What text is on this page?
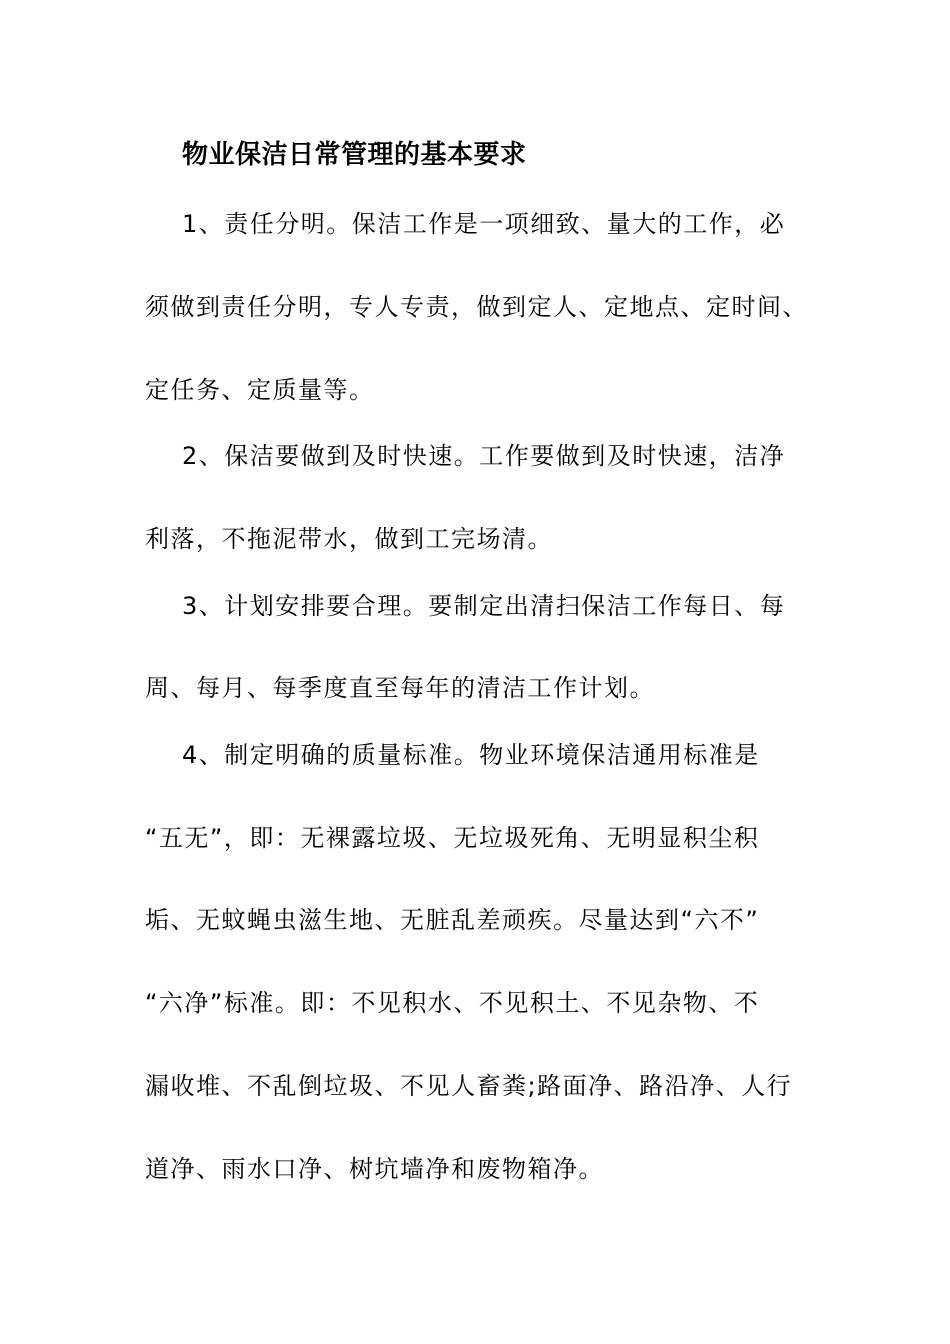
物业保洁日常管理的基本要求
1、责任分明。保洁工作是一项细致、量大的工作，必
须做到责任分明，专人专责，做到定人、定地点、定时间、
定任务、定质量等。
2、保洁要做到及时快速。工作要做到及时快速，洁净
利落，不拖泥带水，做到工完场清。
3、计划安排要合理。要制定出清扫保洁工作每日、每
周、每月、每季度直至每年的清洁工作计划。
4、制定明确的质量标准。物业环境保洁通用标准是
“五无”，即：无裸露垃圾、无垃圾死角、无明显积尘积
垢、无蚊蝇虫滋生地、无脏乱差顽疾。尽量达到“六不”
“六净”标准。即：不见积水、不见积土、不见杂物、不
漏收堆、不乱倒垃圾、不见人畜粪;路面净、路沿净、人行
道净、雨水口净、树坑墙净和废物箱净。
